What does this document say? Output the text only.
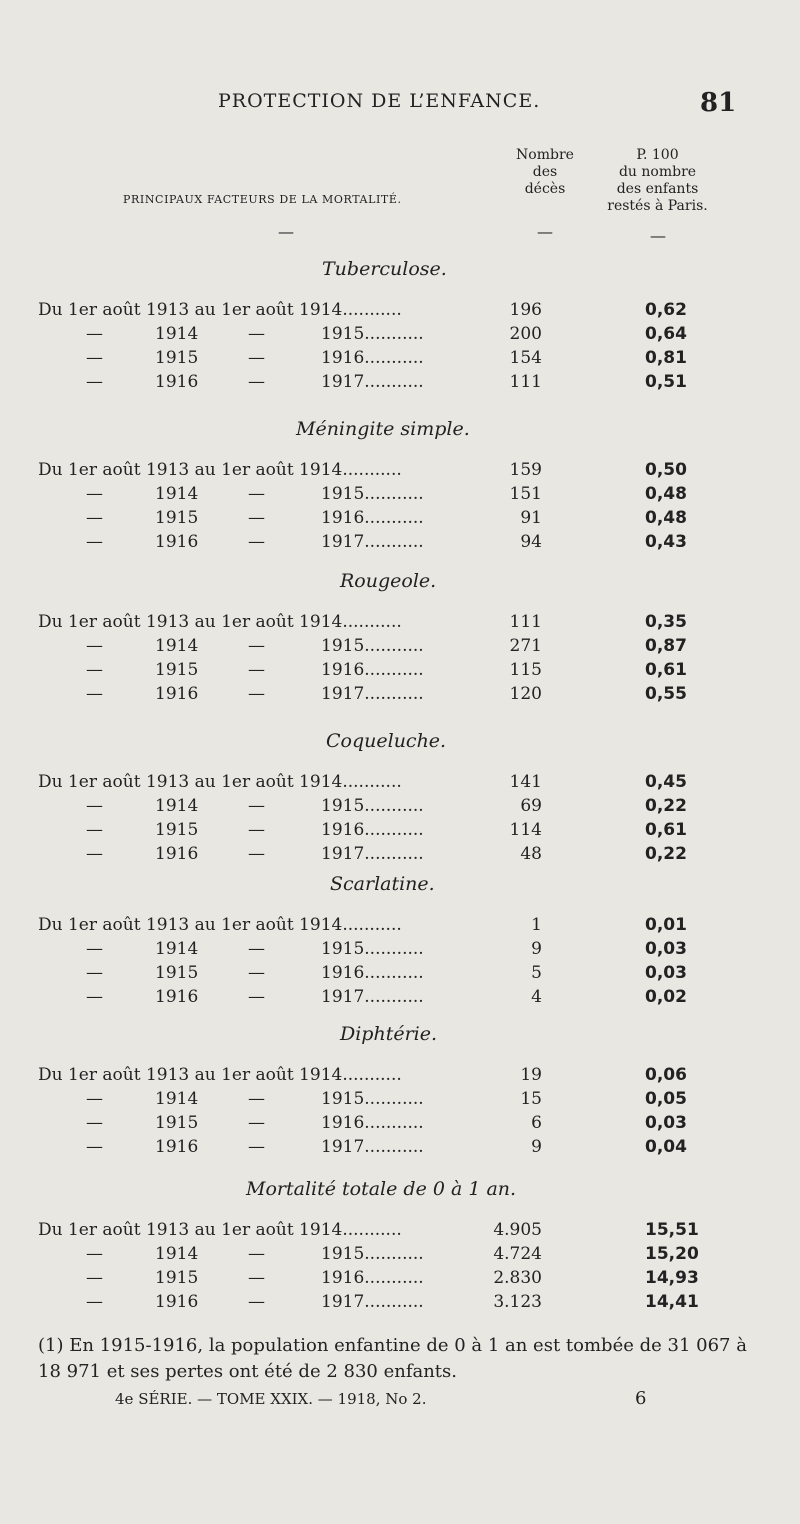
PROTECTION DE L’ENFANCE.	81
PRINCIPAUX FACTEURS DE LA MORTALITÉ.
Nombre
des
décès
P. 100
du nombre
des enfants
restés à Paris.
—	—	—
Tuberculose.
Du 1er août 1913 au 1er août 1914...........	196	0,62
—	1914	—	1915...........	200	0,64
—	1915	—	1916...........	154	0,81
—	1916	—	1917...........	111	0,51
Méningite simple.
Du 1er août 1913 au 1er août 1914...........	159	0,50
—	1914	—	1915...........	151	0,48
—	1915	—	1916...........	91	0,48
—	1916	—	1917...........	94	0,43
Rougeole.
Du 1er août 1913 au 1er août 1914...........	111	0,35
—	1914	—	1915...........	271	0,87
—	1915	—	1916...........	115	0,61
—	1916	—	1917...........	120	0,55
Coqueluche.
Du 1er août 1913 au 1er août 1914...........	141	0,45
—	1914	—	1915...........	69	0,22
—	1915	—	1916...........	114	0,61
—	1916	—	1917...........	48	0,22
Scarlatine.
Du 1er août 1913 au 1er août 1914...........	1	0,01
—	1914	—	1915...........	9	0,03
—	1915	—	1916...........	5	0,03
—	1916	—	1917...........	4	0,02
Diphtérie.
Du 1er août 1913 au 1er août 1914...........	19	0,06
—	1914	—	1915...........	15	0,05
—	1915	—	1916...........	6	0,03
—	1916	—	1917...........	9	0,04
Mortalité totale de 0 à 1 an.
Du 1er août 1913 au 1er août 1914...........	4.905	15,51
—	1914	—	1915...........	4.724	15,20
—	1915	—	1916...........	2.830	14,93
—	1916	—	1917...........	3.123	14,41
(1) En 1915-1916, la population enfantine de 0 à 1 an est tombée de 31 067 à 18 971 et ses pertes ont été de 2 830 enfants.
4e SÉRIE. — TOME XXIX. — 1918, No 2.	6
